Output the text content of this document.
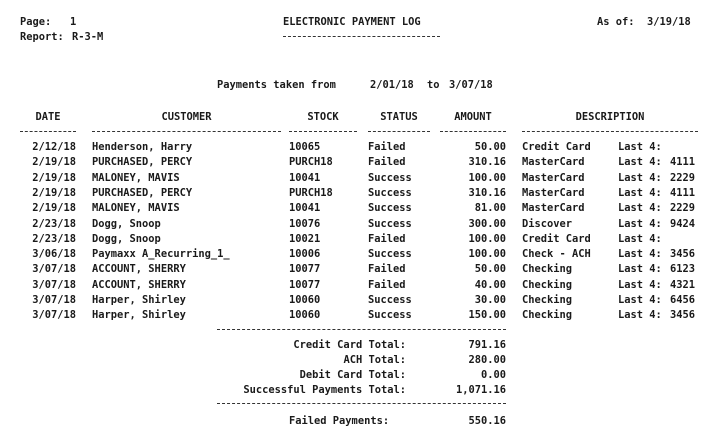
Page: 1
Report: R-3-M
ELECTRONIC PAYMENT LOG	As of: 3/19/18
Payments taken from	2/01/18 to 3/07/18
DATE	CUSTOMER	STOCK	STATUS	AMOUNT	DESCRIPTION
2/12/18 Henderson, Harry	10065	Failed	50.00 Credit Card	Last 4:
2/19/18 PURCHASED, PERCY	PURCH18	Failed	310.16 MasterCard	Last 4: 4111
2/19/18 MALONEY, MAVIS	10041	Success	100.00 MasterCard	Last 4: 2229
2/19/18 PURCHASED, PERCY	PURCH18	Success	310.16 MasterCard	Last 4: 4111
2/19/18 MALONEY, MAVIS	10041	Success	81.00 MasterCard	Last 4: 2229
2/23/18 Dogg, Snoop	10076	Success	300.00 Discover	Last 4: 9424
2/23/18 Dogg, Snoop	10021	Failed	100.00 Credit Card	Last 4:
3/06/18 Paymaxx A_Recurring_1_	10006	Success	100.00 Check - ACH	Last 4: 3456
3/07/18 ACCOUNT, SHERRY	10077	Failed	50.00 Checking	Last 4: 6123
3/07/18 ACCOUNT, SHERRY	10077	Failed	40.00 Checking	Last 4: 4321
3/07/18 Harper, Shirley	10060	Success	30.00 Checking	Last 4: 6456
3/07/18 Harper, Shirley	10060	Success	150.00 Checking	Last 4: 3456
Credit Card Total:	791.16
ACH Total:	280.00
Debit Card Total:	0.00
Successful Payments Total:	1,071.16
Failed Payments:	550.16
